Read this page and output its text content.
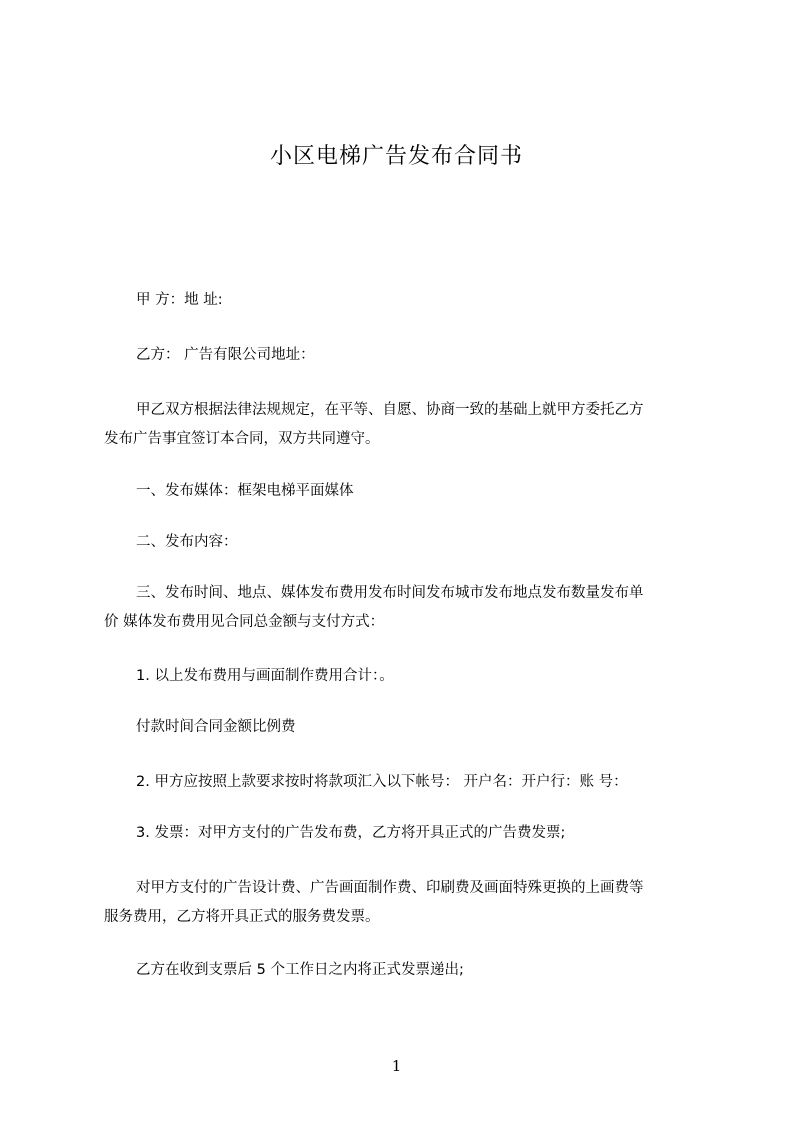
小区电梯广告发布合同书
甲 方：地 址:
乙方： 广告有限公司地址：
甲乙双方根据法律法规规定，在平等、自愿、协商一致的基础上就甲方委托乙方
发布广告事宜签订本合同，双方共同遵守。
一、发布媒体：框架电梯平面媒体
二、发布内容：
三、发布时间、地点、媒体发布费用发布时间发布城市发布地点发布数量发布单
价 媒体发布费用见合同总金额与支付方式：
1. 以上发布费用与画面制作费用合计：。
付款时间合同金额比例费
2. 甲方应按照上款要求按时将款项汇入以下帐号： 开户名：开户行：账 号：
3. 发票：对甲方支付的广告发布费，乙方将开具正式的广告费发票;
对甲方支付的广告设计费、广告画面制作费、印刷费及画面特殊更换的上画费等
服务费用，乙方将开具正式的服务费发票。
乙方在收到支票后 5 个工作日之内将正式发票递出;
1
